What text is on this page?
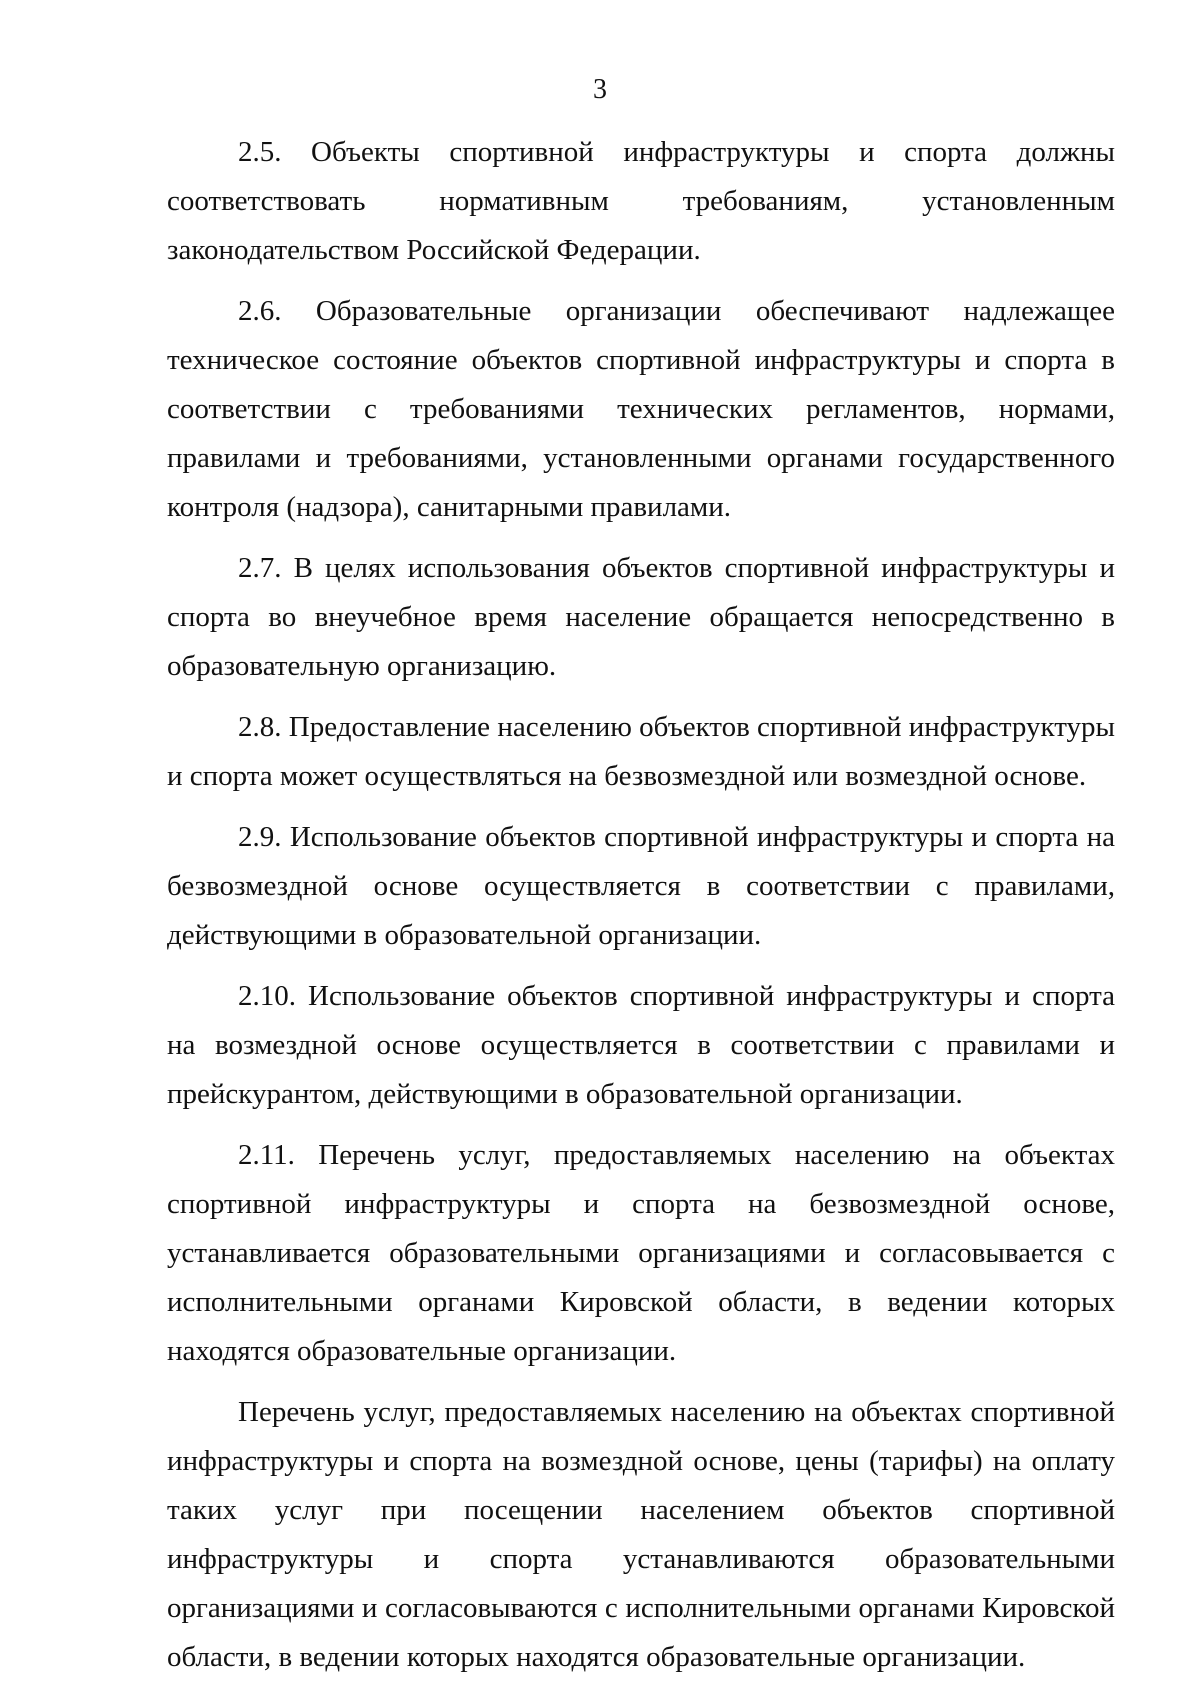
3

2.5. Объекты спортивной инфраструктуры и спорта должны соответствовать нормативным требованиям, установленным законодательством Российской Федерации.

2.6. Образовательные организации обеспечивают надлежащее техническое состояние объектов спортивной инфраструктуры и спорта в соответствии с требованиями технических регламентов, нормами, правилами и требованиями, установленными органами государственного контроля (надзора), санитарными правилами.

2.7. В целях использования объектов спортивной инфраструктуры и спорта во внеучебное время население обращается непосредственно в образовательную организацию.

2.8. Предоставление населению объектов спортивной инфраструктуры и спорта может осуществляться на безвозмездной или возмездной основе.

2.9. Использование объектов спортивной инфраструктуры и спорта на безвозмездной основе осуществляется в соответствии с правилами, действующими в образовательной организации.

2.10. Использование объектов спортивной инфраструктуры и спорта на возмездной основе осуществляется в соответствии с правилами и прейскурантом, действующими в образовательной организации.

2.11. Перечень услуг, предоставляемых населению на объектах спортивной инфраструктуры и спорта на безвозмездной основе, устанавливается образовательными организациями и согласовывается с исполнительными органами Кировской области, в ведении которых находятся образовательные организации.

Перечень услуг, предоставляемых населению на объектах спортивной инфраструктуры и спорта на возмездной основе, цены (тарифы) на оплату таких услуг при посещении населением объектов спортивной инфраструктуры и спорта устанавливаются образовательными организациями и согласовываются с исполнительными органами Кировской области, в ведении которых находятся образовательные организации.
